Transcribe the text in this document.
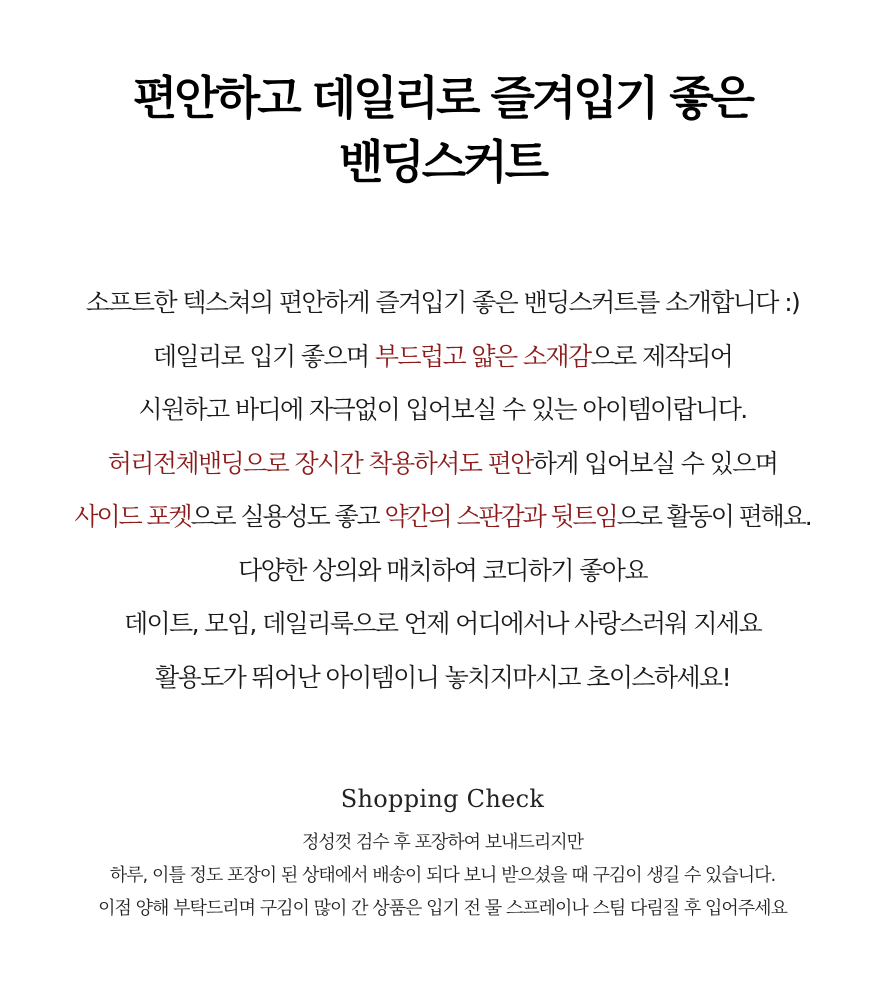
편안하고 데일리로 즐겨입기 좋은
밴딩스커트
소프트한 텍스쳐의 편안하게 즐겨입기 좋은 밴딩스커트를 소개합니다 :)
데일리로 입기 좋으며 부드럽고 얇은 소재감으로 제작되어
시원하고 바디에 자극없이 입어보실 수 있는 아이템이랍니다.
허리전체밴딩으로 장시간 착용하셔도 편안하게 입어보실 수 있으며
사이드 포켓으로 실용성도 좋고 약간의 스판감과 뒷트임으로 활동이 편해요.
다양한 상의와 매치하여 코디하기 좋아요
데이트, 모임, 데일리룩으로 언제 어디에서나 사랑스러워 지세요
활용도가 뛰어난 아이템이니 놓치지마시고 초이스하세요!
Shopping Check
정성껏 검수 후 포장하여 보내드리지만
하루, 이틀 정도 포장이 된 상태에서 배송이 되다 보니 받으셨을 때 구김이 생길 수 있습니다.
이점 양해 부탁드리며 구김이 많이 간 상품은 입기 전 물 스프레이나 스팀 다림질 후 입어주세요
